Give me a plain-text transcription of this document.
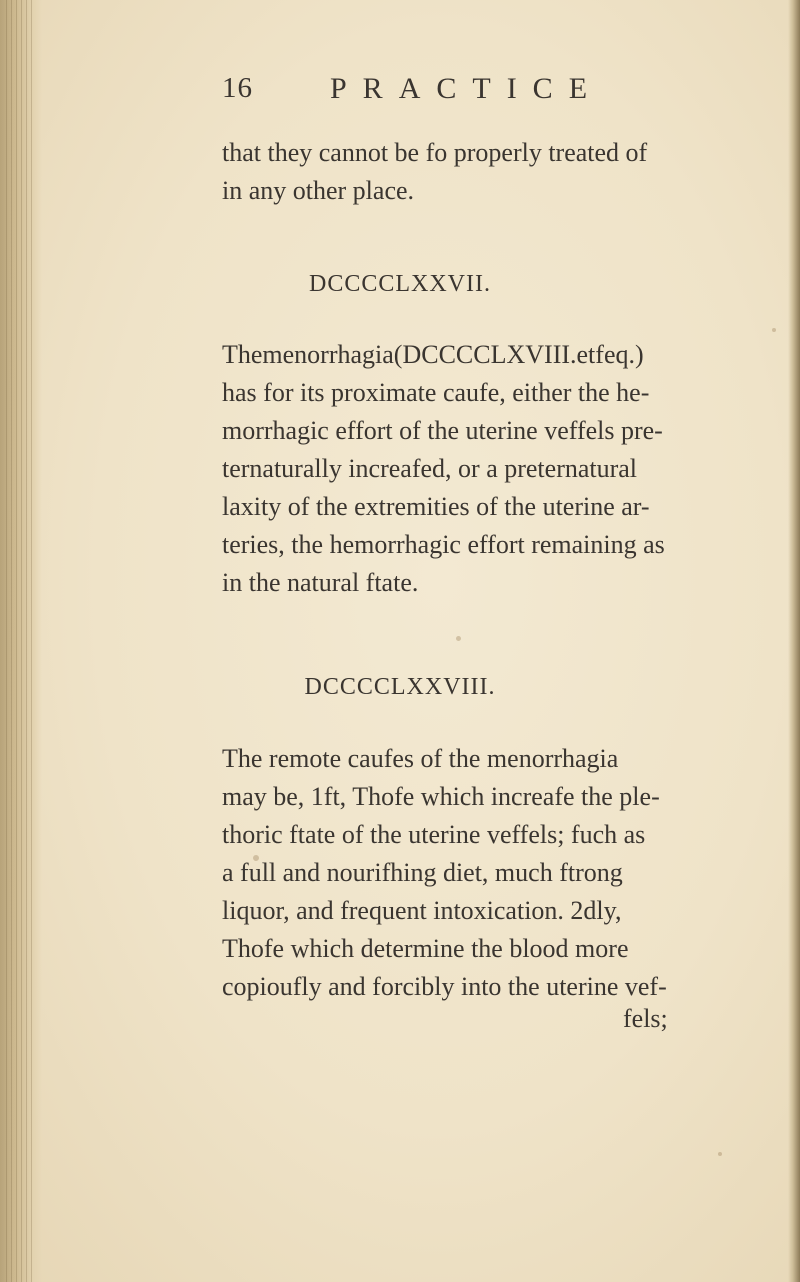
16	PRACTICE
that they cannot be fo properly treated of
in any other place.
DCCCCLXXVII.
Themenorrhagia(DCCCCLXVIII.etfeq.)
has for its proximate caufe, either the he-
morrhagic effort of the uterine veffels pre-
ternaturally increafed, or a preternatural
laxity of the extremities of the uterine ar-
teries, the hemorrhagic effort remaining as
in the natural ftate.
DCCCCLXXVIII.
The remote caufes of the menorrhagia
may be, 1ft, Thofe which increafe the ple-
thoric ftate of the uterine veffels; fuch as
a full and nourifhing diet, much ftrong
liquor, and frequent intoxication. 2dly,
Thofe which determine the blood more
copioufly and forcibly into the uterine vef-
fels;
